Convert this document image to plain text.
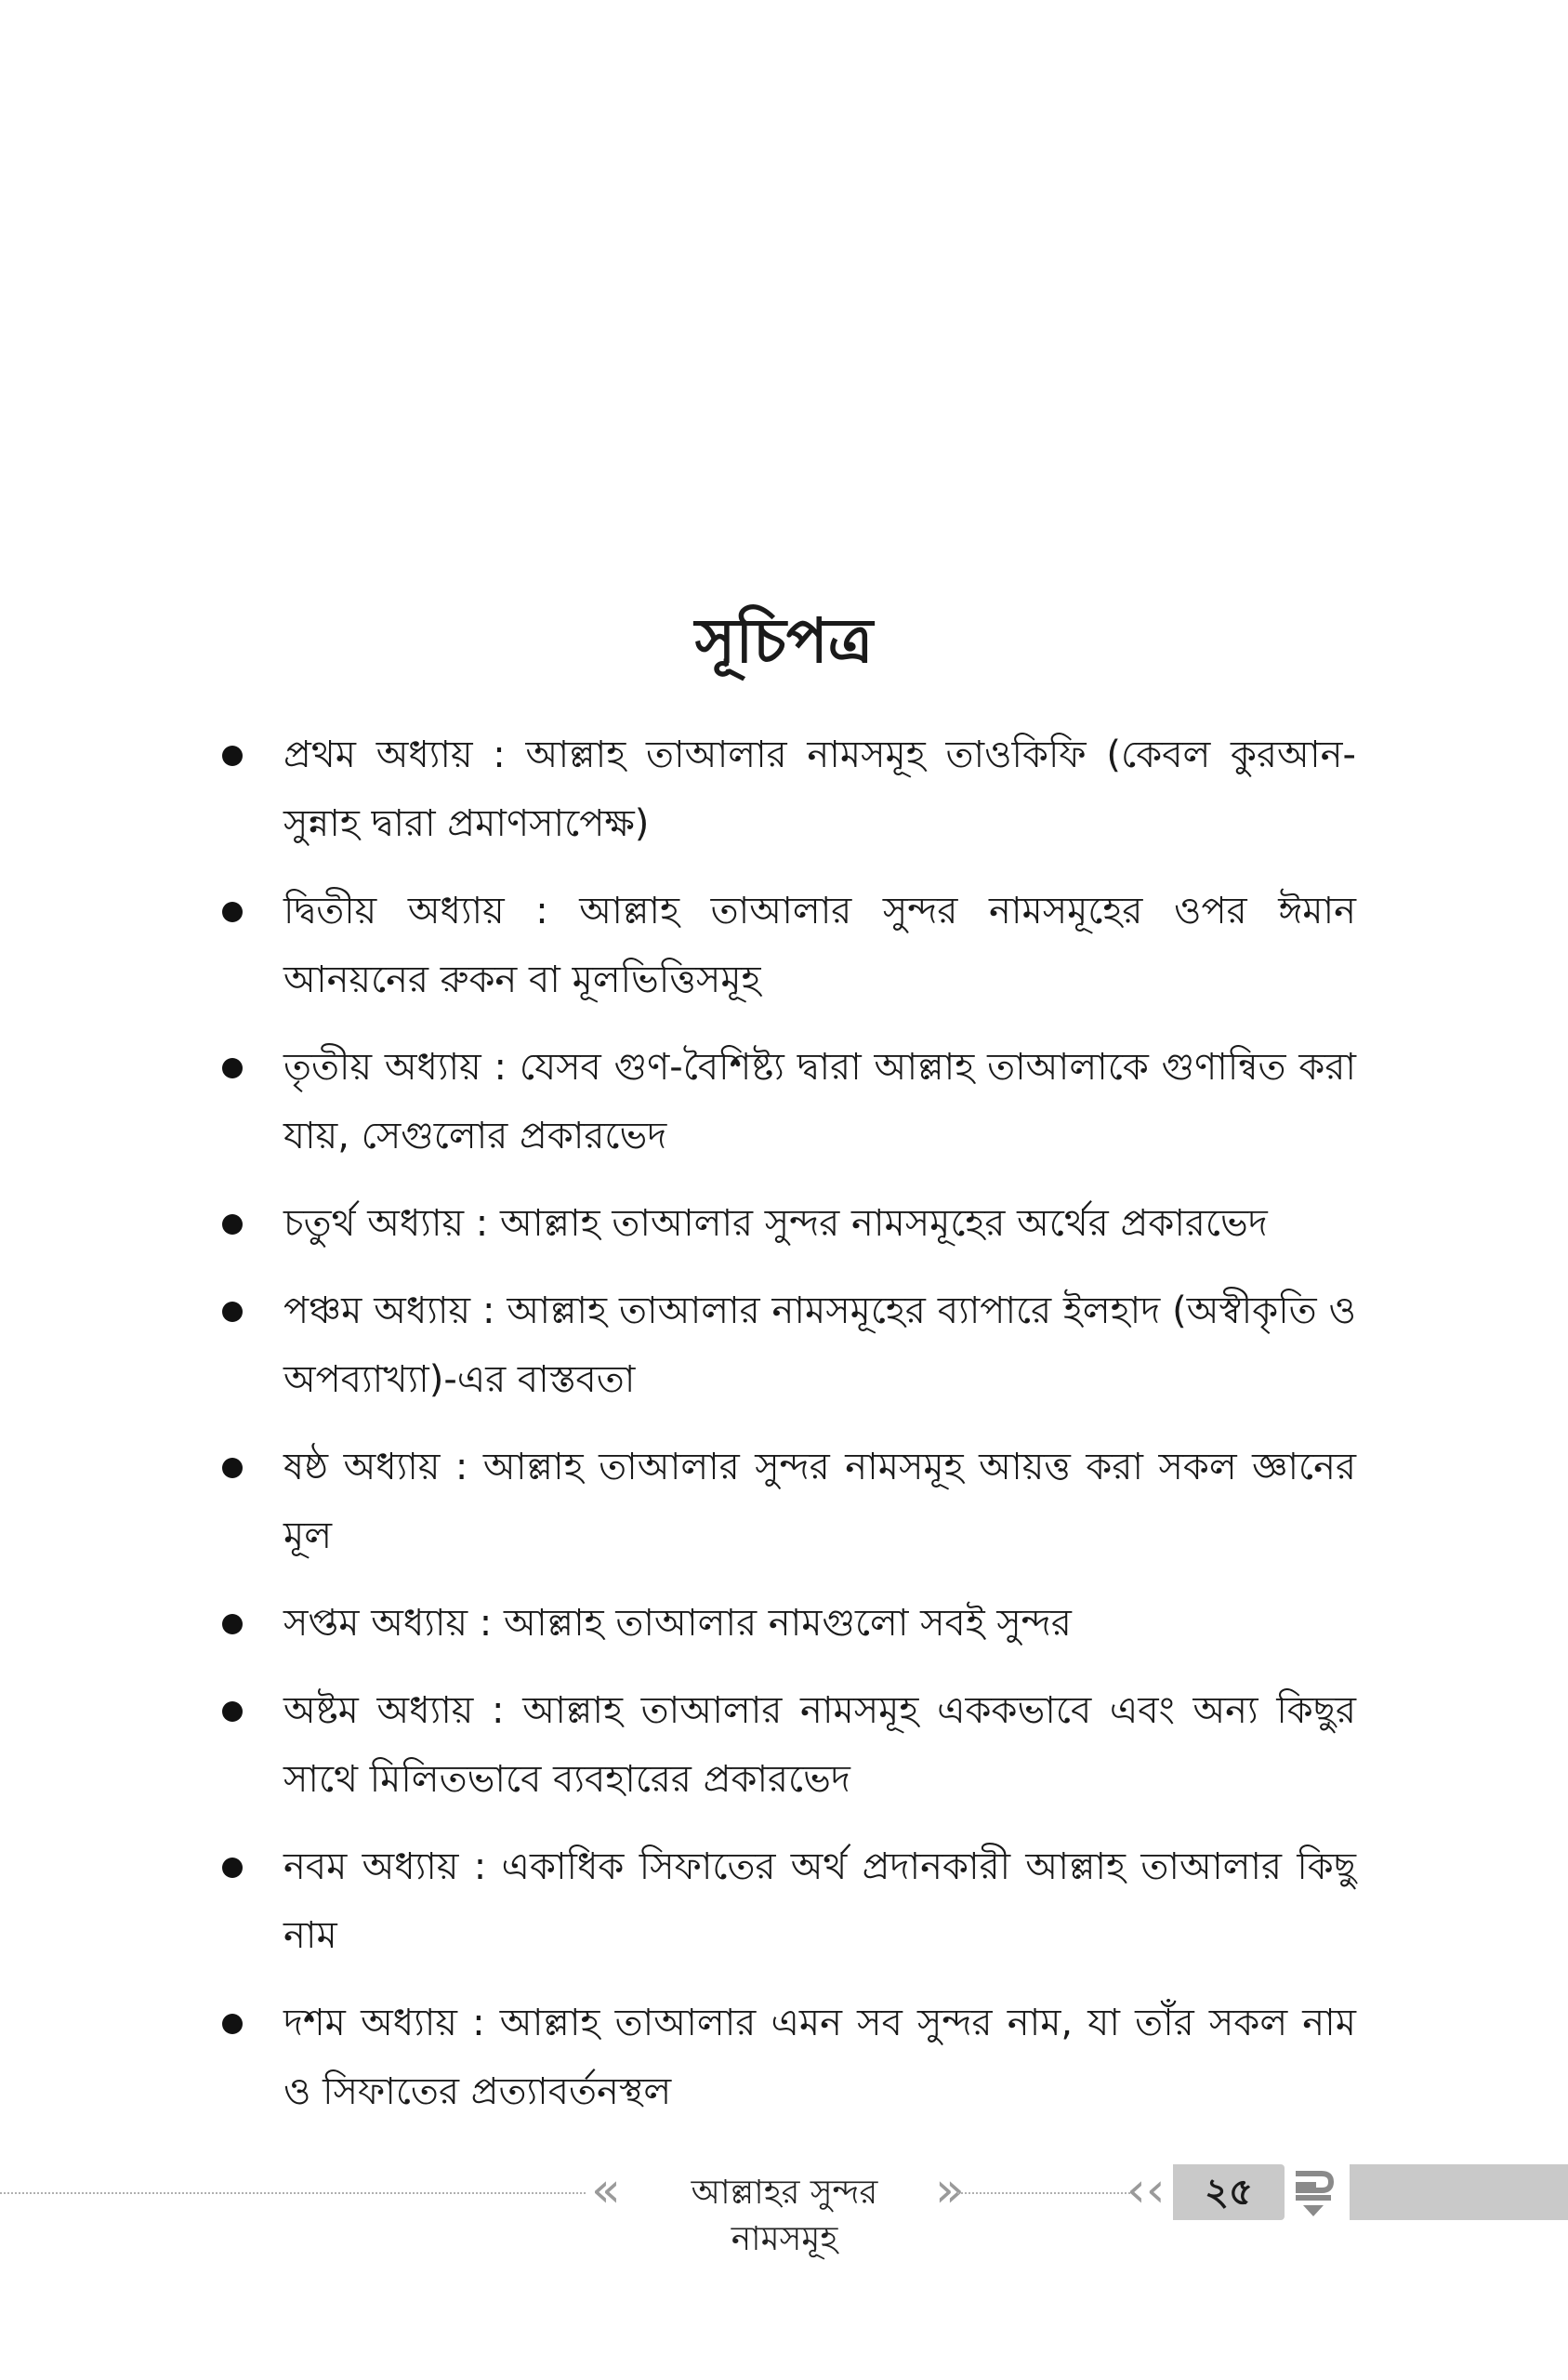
সূচিপত্র
প্রথম অধ্যায় : আল্লাহ তাআলার নামসমূহ তাওকিফি (কেবল কুরআন-সুন্নাহ দ্বারা প্রমাণসাপেক্ষ)
দ্বিতীয় অধ্যায় : আল্লাহ তাআলার সুন্দর নামসমূহের ওপর ঈমান আনয়নের রুকন বা মূলভিত্তিসমূহ
তৃতীয় অধ্যায় : যেসব গুণ-বৈশিষ্ট্য দ্বারা আল্লাহ তাআলাকে গুণান্বিত করা যায়, সেগুলোর প্রকারভেদ
চতুর্থ অধ্যায় : আল্লাহ তাআলার সুন্দর নামসমূহের অর্থের প্রকারভেদ
পঞ্চম অধ্যায় : আল্লাহ তাআলার নামসমূহের ব্যাপারে ইলহাদ (অস্বীকৃতি ও অপব্যাখ্যা)-এর বাস্তবতা
ষষ্ঠ অধ্যায় : আল্লাহ তাআলার সুন্দর নামসমূহ আয়ত্ত করা সকল জ্ঞানের মূল
সপ্তম অধ্যায় : আল্লাহ তাআলার নামগুলো সবই সুন্দর
অষ্টম অধ্যায় : আল্লাহ তাআলার নামসমূহ এককভাবে এবং অন্য কিছুর সাথে মিলিতভাবে ব্যবহারের প্রকারভেদ
নবম অধ্যায় : একাধিক সিফাতের অর্থ প্রদানকারী আল্লাহ তাআলার কিছু নাম
দশম অধ্যায় : আল্লাহ তাআলার এমন সব সুন্দর নাম, যা তাঁর সকল নাম ও সিফাতের প্রত্যাবর্তনস্থল
«	আল্লাহর সুন্দর নামসমূহ
»	‹‹	২৫
